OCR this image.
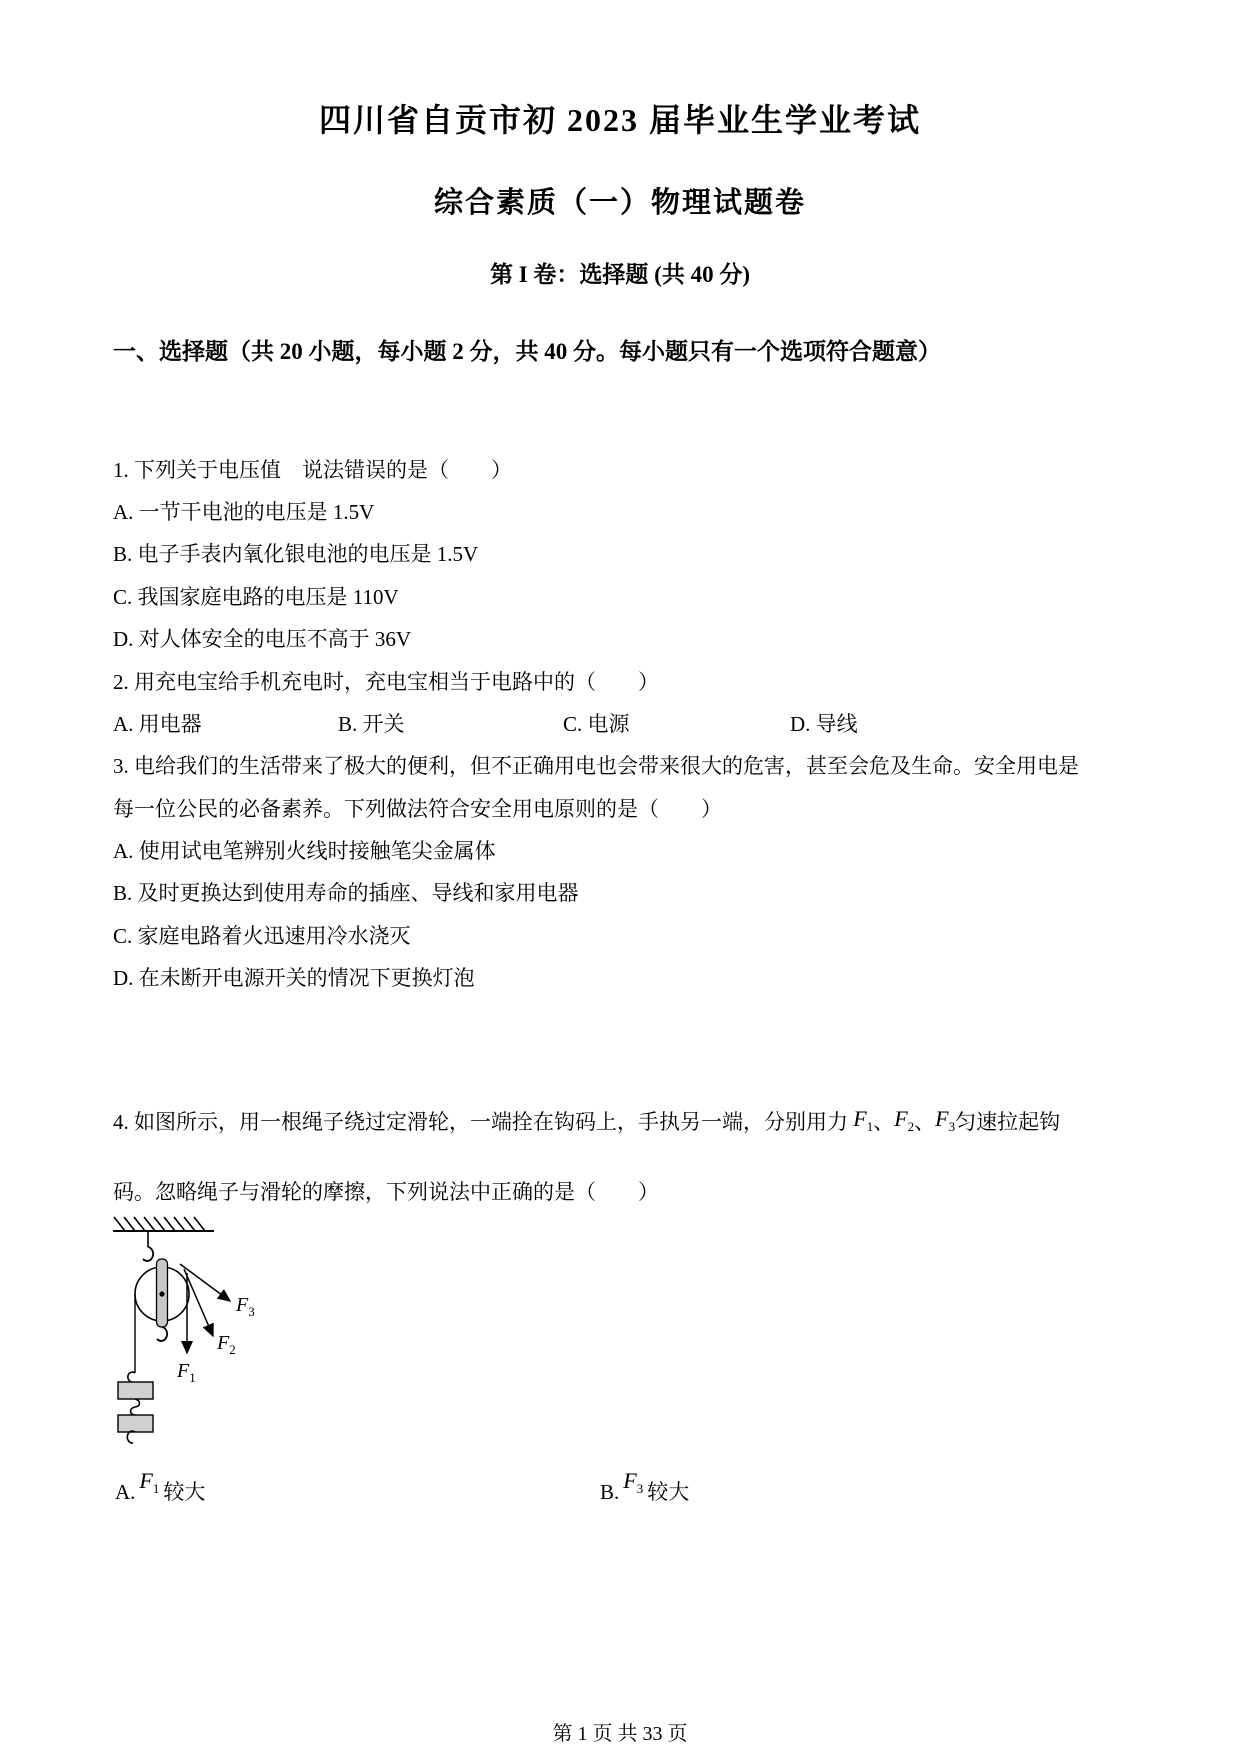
四川省自贡市初 2023 届毕业生学业考试
综合素质（一）物理试题卷
第 I 卷：选择题 (共 40 分)
一、选择题（共 20 小题，每小题 2 分，共 40 分。每小题只有一个选项符合题意）
1. 下列关于电压值　说法错误的是（　　）
A. 一节干电池的电压是 1.5V
B. 电子手表内氧化银电池的电压是 1.5V
C. 我国家庭电路的电压是 110V
D. 对人体安全的电压不高于 36V
2. 用充电宝给手机充电时，充电宝相当于电路中的（　　）
A. 用电器	B. 开关	C. 电源	D. 导线
3. 电给我们的生活带来了极大的便利，但不正确用电也会带来很大的危害，甚至会危及生命。安全用电是
每一位公民的必备素养。下列做法符合安全用电原则的是（　　）
A. 使用试电笔辨别火线时接触笔尖金属体
B. 及时更换达到使用寿命的插座、导线和家用电器
C. 家庭电路着火迅速用冷水浇灭
D. 在未断开电源开关的情况下更换灯泡
4. 如图所示，用一根绳子绕过定滑轮，一端拴在钩码上，手执另一端，分别用力 $F_1$、$F_2$、$F_3$匀速拉起钩
码。忽略绳子与滑轮的摩擦，下列说法中正确的是（　　）
$F_3$
$F_2$
$F_1$
A. $F_1$ 较大	B. $F_3$ 较大
第 1 页 共 33 页
